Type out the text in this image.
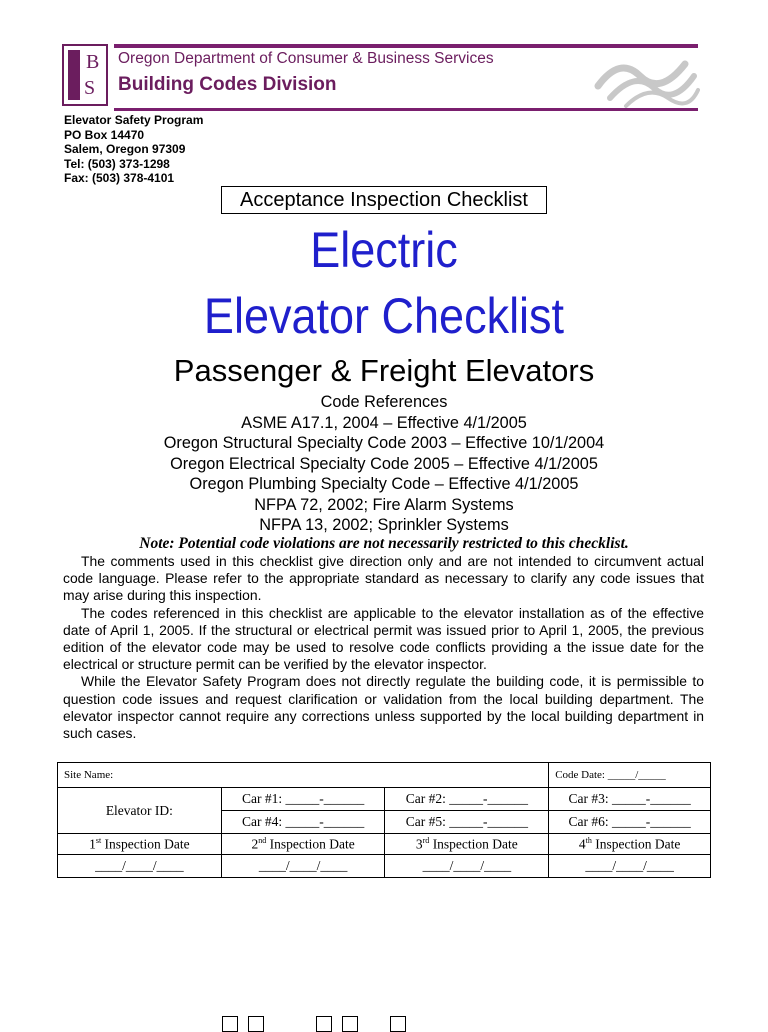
B
S
Oregon Department of Consumer & Business Services
Building Codes Division
Elevator Safety Program
PO Box 14470
Salem, Oregon 97309
Tel: (503) 373-1298
Fax: (503) 378-4101
Acceptance Inspection Checklist
Electric
Elevator Checklist
Passenger & Freight Elevators
Code References
ASME A17.1, 2004 – Effective 4/1/2005
Oregon Structural Specialty Code 2003 – Effective 10/1/2004
Oregon Electrical Specialty Code 2005 – Effective 4/1/2005
Oregon Plumbing Specialty Code – Effective 4/1/2005
NFPA 72, 2002; Fire Alarm Systems
NFPA 13, 2002; Sprinkler Systems
Note: Potential code violations are not necessarily restricted to this checklist.

The comments used in this checklist give direction only and are not intended to circumvent actual code language. Please refer to the appropriate standard as necessary to clarify any code issues that may arise during this inspection.

The codes referenced in this checklist are applicable to the elevator installation as of the effective date of April 1, 2005. If the structural or electrical permit was issued prior to April 1, 2005, the previous edition of the elevator code may be used to resolve code conflicts providing a the issue date for the electrical or structure permit can be verified by the elevator inspector.

While the Elevator Safety Program does not directly regulate the building code, it is permissible to question code issues and request clarification or validation from the local building department. The elevator inspector cannot require any corrections unless supported by the local building department in such cases.

Site Name:			Code Date: _____/_____
Elevator ID:	Car #1: _____-______	Car #2: _____-______	Car #3: _____-______
	Car #4: _____-______	Car #5: _____-______	Car #6: _____-______
1st Inspection Date	2nd Inspection Date	3rd Inspection Date	4th Inspection Date
____/____/____	____/____/____	____/____/____	____/____/____
